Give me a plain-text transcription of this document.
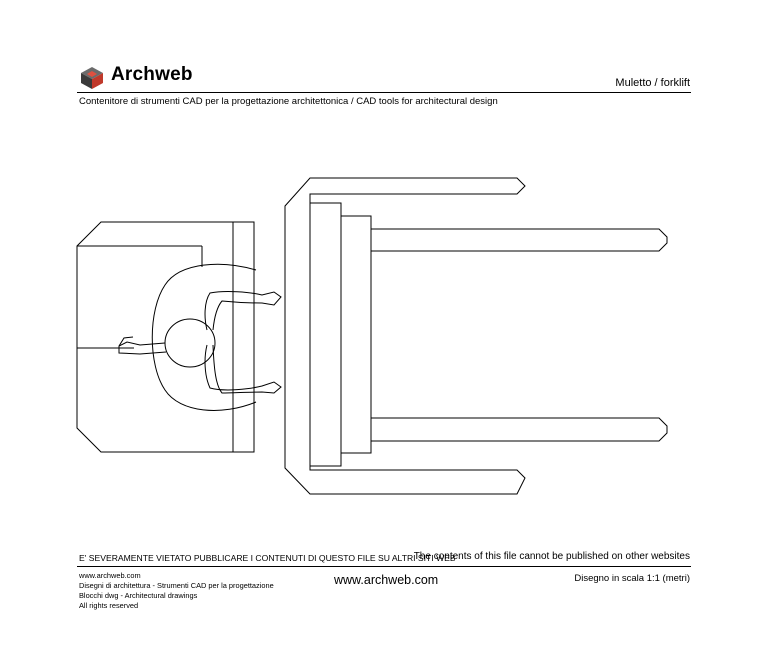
Archweb	Muletto / forklift
Contenitore di strumenti CAD per la progettazione architettonica / CAD tools for architectural design
E' SEVERAMENTE VIETATO PUBBLICARE I CONTENUTI DI QUESTO FILE SU ALTRI SITI WEB
The contents of this file cannot be published on other websites
www.archweb.com
Disegni di architettura - Strumenti CAD per la progettazione
Blocchi dwg - Architectural drawings
All rights reserved
www.archweb.com	Disegno in scala 1:1 (metri)
